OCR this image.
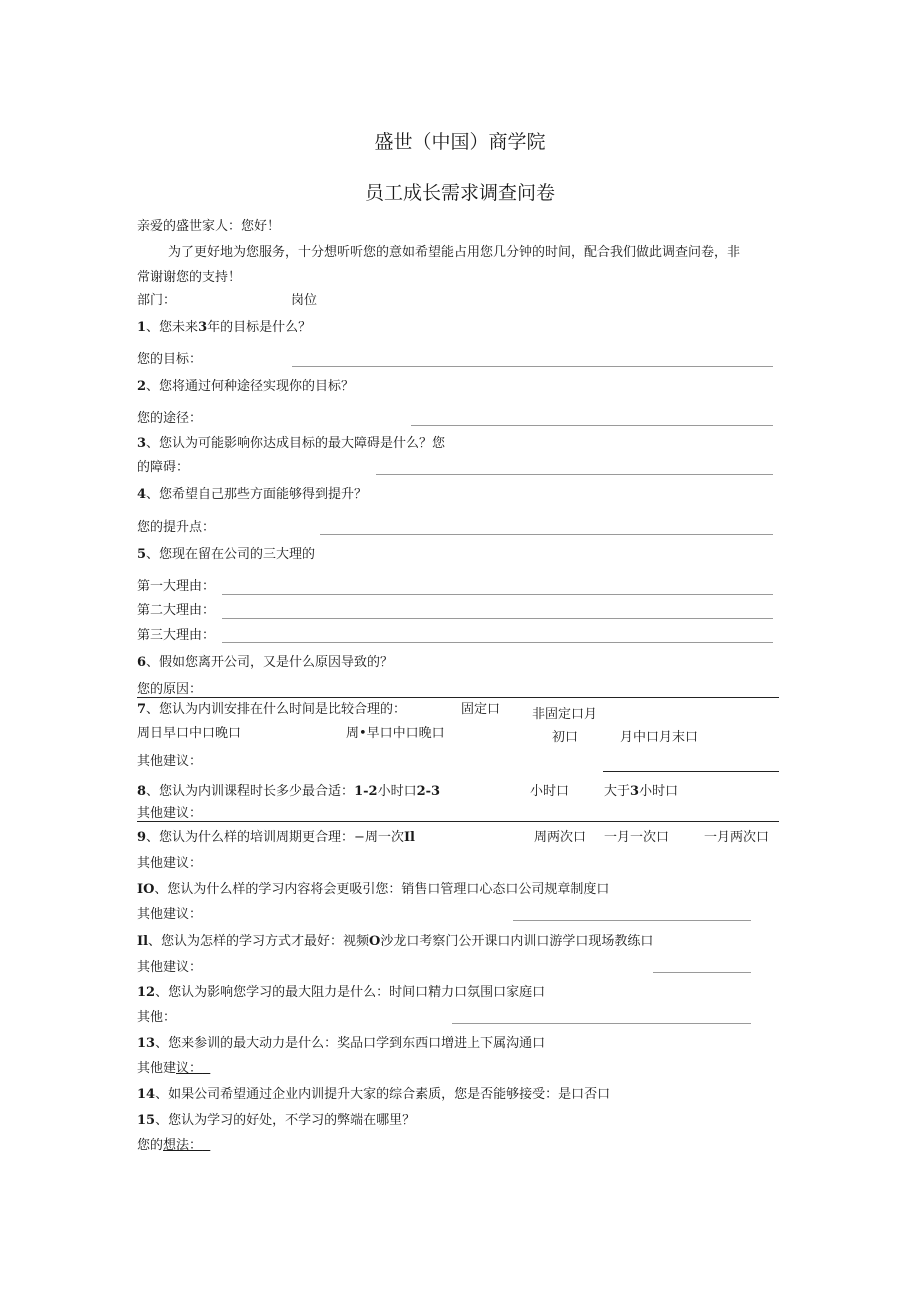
盛世（中国）商学院
员工成长需求调查问卷
亲爱的盛世家人：您好！
为了更好地为您服务，十分想听听您的意如希望能占用您几分钟的时间，配合我们做此调查问卷，非
常谢谢您的支持！
部门：	岗位
1、您未来3年的目标是什么？
您的目标：
2、您将通过何种途径实现你的目标？
您的途径：
3、您认为可能影响你达成目标的最大障碍是什么？您
的障碍：
4、您希望自己那些方面能够得到提升？
您的提升点：
5、您现在留在公司的三大理的
第一大理由：
第二大理由：
第三大理由：
6、假如您离开公司，又是什么原因导致的？
您的原因：
7、您认为内训安排在什么时间是比较合理的：	固定口 非固定口月
周日早口中口晚口	周•早口中口晚口	初口	月中口月末口
其他建议：
8、您认为内训课程时长多少最合适：1-2小时口2-3	小时口	大于3小时口
其他建议：
9、您认为什么样的培训周期更合理：−周一次Il	周两次口 一月一次口	一月两次口
其他建议：
IO、您认为什么样的学习内容将会更吸引您：销售口管理口心态口公司规章制度口
其他建议：
Il、您认为怎样的学习方式才最好：视频O沙龙口考察门公开课口内训口游学口现场教练口
其他建议：
12、您认为影响您学习的最大阻力是什么：时间口精力口氛围口家庭口
其他：
13、您来参训的最大动力是什么：奖品口学到东西口增进上下属沟通口
其他建议：
14、如果公司希望通过企业内训提升大家的综合素质，您是否能够接受：是口否口
15、您认为学习的好处，不学习的弊端在哪里？
您的想法：
